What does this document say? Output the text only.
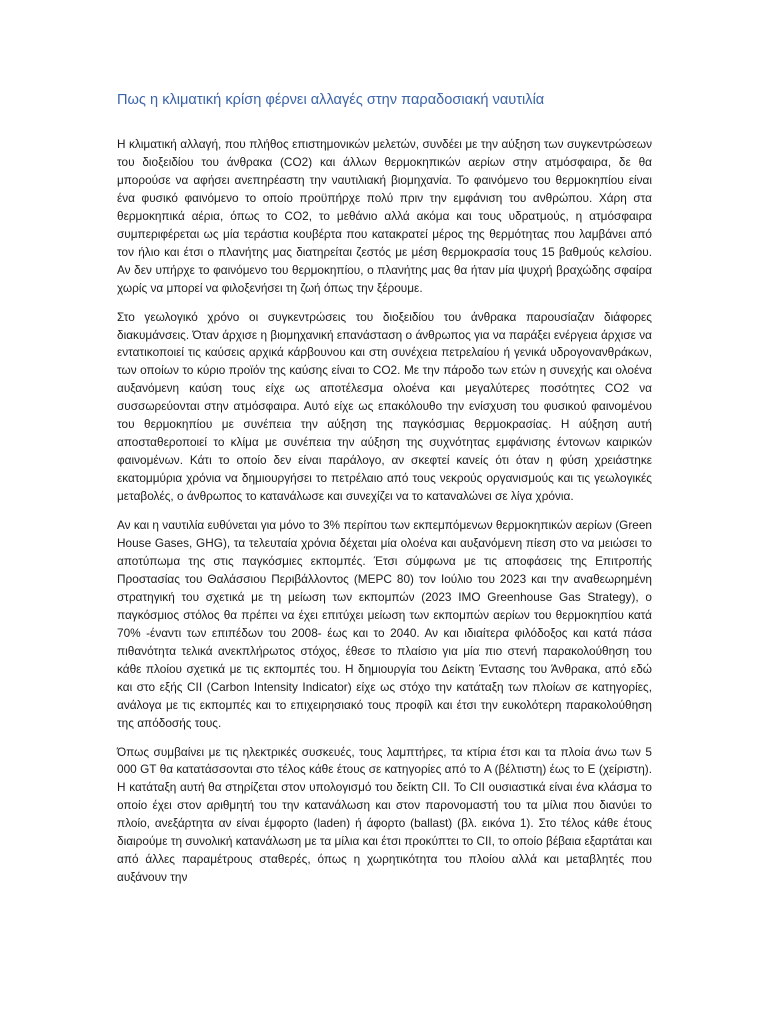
Πως η κλιματική κρίση φέρνει αλλαγές στην παραδοσιακή ναυτιλία

Η κλιματική αλλαγή, που πλήθος επιστημονικών μελετών, συνδέει με την αύξηση των συγκεντρώσεων του διοξειδίου του άνθρακα (CO2) και άλλων θερμοκηπικών αερίων στην ατμόσφαιρα, δε θα μπορούσε να αφήσει ανεπηρέαστη την ναυτιλιακή βιομηχανία. Το φαινόμενο του θερμοκηπίου είναι ένα φυσικό φαινόμενο το οποίο προϋπήρχε πολύ πριν την εμφάνιση του ανθρώπου. Χάρη στα θερμοκηπικά αέρια, όπως το CO2, το μεθάνιο αλλά ακόμα και τους υδρατμούς, η ατμόσφαιρα συμπεριφέρεται ως μία τεράστια κουβέρτα που κατακρατεί μέρος της θερμότητας που λαμβάνει από τον ήλιο και έτσι ο πλανήτης μας διατηρείται ζεστός με μέση θερμοκρασία τους 15 βαθμούς κελσίου. Αν δεν υπήρχε το φαινόμενο του θερμοκηπίου, ο πλανήτης μας θα ήταν μία ψυχρή βραχώδης σφαίρα χωρίς να μπορεί να φιλοξενήσει τη ζωή όπως την ξέρουμε.

Στο γεωλογικό χρόνο οι συγκεντρώσεις του διοξειδίου του άνθρακα παρουσίαζαν διάφορες διακυμάνσεις. Όταν άρχισε η βιομηχανική επανάσταση ο άνθρωπος για να παράξει ενέργεια άρχισε να εντατικοποιεί τις καύσεις αρχικά κάρβουνου και στη συνέχεια πετρελαίου ή γενικά υδρογονανθράκων, των οποίων το κύριο προϊόν της καύσης είναι το CO2. Με την πάροδο των ετών η συνεχής και ολοένα αυξανόμενη καύση τους είχε ως αποτέλεσμα ολοένα και μεγαλύτερες ποσότητες CO2 να συσσωρεύονται στην ατμόσφαιρα. Αυτό είχε ως επακόλουθο την ενίσχυση του φυσικού φαινομένου του θερμοκηπίου με συνέπεια την αύξηση της παγκόσμιας θερμοκρασίας. Η αύξηση αυτή αποσταθεροποιεί το κλίμα με συνέπεια την αύξηση της συχνότητας εμφάνισης έντονων καιρικών φαινομένων. Κάτι το οποίο δεν είναι παράλογο, αν σκεφτεί κανείς ότι όταν η φύση χρειάστηκε εκατομμύρια χρόνια να δημιουργήσει το πετρέλαιο από τους νεκρούς οργανισμούς και τις γεωλογικές μεταβολές, ο άνθρωπος το κατανάλωσε και συνεχίζει να το καταναλώνει σε λίγα χρόνια.

Αν και η ναυτιλία ευθύνεται για μόνο το 3% περίπου των εκπεμπόμενων θερμοκηπικών αερίων (Green House Gases, GHG), τα τελευταία χρόνια δέχεται μία ολοένα και αυξανόμενη πίεση στο να μειώσει το αποτύπωμα της στις παγκόσμιες εκπομπές. Έτσι σύμφωνα με τις αποφάσεις της Επιτροπής Προστασίας του Θαλάσσιου Περιβάλλοντος (MEPC 80) τον Ιούλιο του 2023 και την αναθεωρημένη στρατηγική του σχετικά με τη μείωση των εκπομπών (2023 IMO Greenhouse Gas Strategy), ο παγκόσμιος στόλος θα πρέπει να έχει επιτύχει μείωση των εκπομπών αερίων του θερμοκηπίου κατά 70% -έναντι των επιπέδων του 2008- έως και το 2040. Αν και ιδιαίτερα φιλόδοξος και κατά πάσα πιθανότητα τελικά ανεκπλήρωτος στόχος, έθεσε το πλαίσιο για μία πιο στενή παρακολούθηση του κάθε πλοίου σχετικά με τις εκπομπές του. Η δημιουργία του Δείκτη Έντασης του Άνθρακα, από εδώ και στο εξής CII (Carbon Intensity Indicator) είχε ως στόχο την κατάταξη των πλοίων σε κατηγορίες, ανάλογα με τις εκπομπές και το επιχειρησιακό τους προφίλ και έτσι την ευκολότερη παρακολούθηση της απόδοσής τους.

Όπως συμβαίνει με τις ηλεκτρικές συσκευές, τους λαμπτήρες, τα κτίρια έτσι και τα πλοία άνω των 5 000 GT θα κατατάσσονται στο τέλος κάθε έτους σε κατηγορίες από το A (βέλτιστη) έως το E (χείριστη). Η κατάταξη αυτή θα στηρίζεται στον υπολογισμό του δείκτη CII. Το CII ουσιαστικά είναι ένα κλάσμα το οποίο έχει στον αριθμητή του την κατανάλωση και στον παρονομαστή του τα μίλια που διανύει το πλοίο, ανεξάρτητα αν είναι έμφορτο (laden) ή άφορτο (ballast) (βλ. εικόνα 1). Στο τέλος κάθε έτους διαιρούμε τη συνολική κατανάλωση με τα μίλια και έτσι προκύπτει το CII, το οποίο βέβαια εξαρτάται και από άλλες παραμέτρους σταθερές, όπως η χωρητικότητα του πλοίου αλλά και μεταβλητές που αυξάνουν την
